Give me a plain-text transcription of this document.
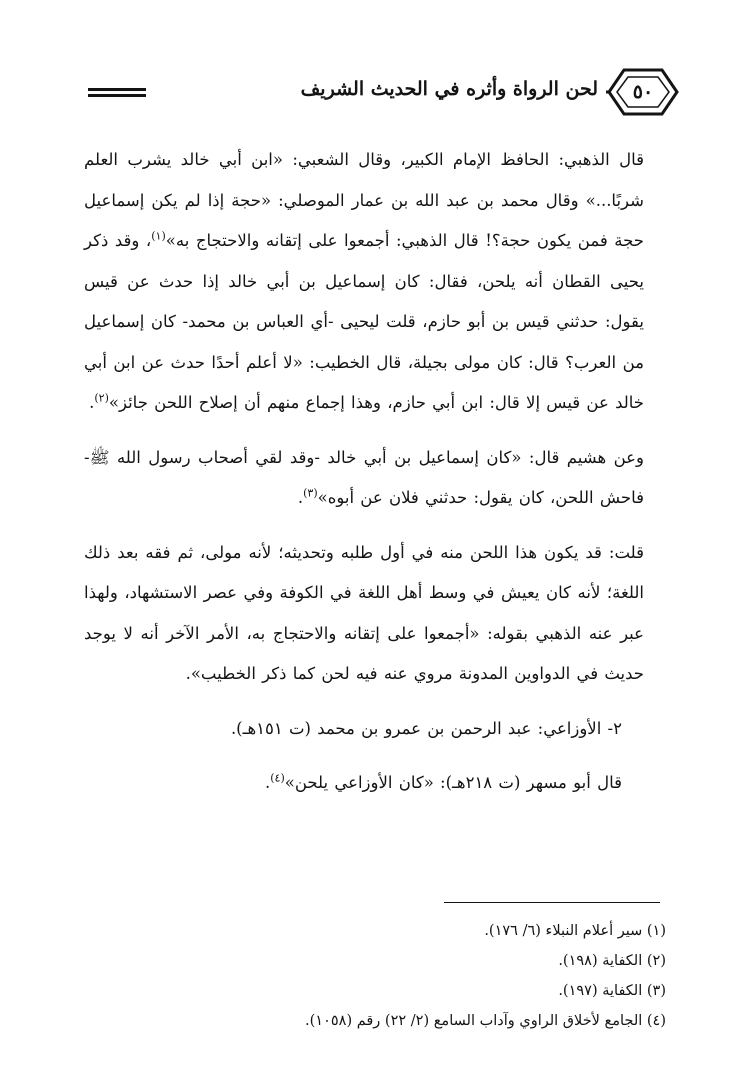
٥٠
لحن الرواة وأثره في الحديث الشريف

قال الذهبي: الحافظ الإمام الكبير، وقال الشعبي: «ابن أبي خالد يشرب العلم شربًا...» وقال محمد بن عبد الله بن عمار الموصلي: «حجة إذا لم يكن إسماعيل حجة فمن يكون حجة؟! قال الذهبي: أجمعوا على إتقانه والاحتجاج به»$^{(١)}$، وقد ذكر يحيى القطان أنه يلحن، فقال: كان إسماعيل بن أبي خالد إذا حدث عن قيس يقول: حدثني قيس بن أبو حازم، قلت ليحيى -أي العباس بن محمد- كان إسماعيل من العرب؟ قال: كان مولى بجيلة، قال الخطيب: «لا أعلم أحدًا حدث عن ابن أبي خالد عن قيس إلا قال: ابن أبي حازم، وهذا إجماع منهم أن إصلاح اللحن جائز»$^{(٢)}$.

وعن هشيم قال: «كان إسماعيل بن أبي خالد -وقد لقي أصحاب رسول الله ﷺ- فاحش اللحن، كان يقول: حدثني فلان عن أبوه»$^{(٣)}$.

قلت: قد يكون هذا اللحن منه في أول طلبه وتحديثه؛ لأنه مولى، ثم فقه بعد ذلك اللغة؛ لأنه كان يعيش في وسط أهل اللغة في الكوفة وفي عصر الاستشهاد، ولهذا عبر عنه الذهبي بقوله: «أجمعوا على إتقانه والاحتجاج به، الأمر الآخر أنه لا يوجد حديث في الدواوين المدونة مروي عنه فيه لحن كما ذكر الخطيب».

٢- الأوزاعي: عبد الرحمن بن عمرو بن محمد (ت ١٥١هـ).

قال أبو مسهر (ت ٢١٨هـ): «كان الأوزاعي يلحن»$^{(٤)}$.

(١) سير أعلام النبلاء (٦/ ١٧٦).

(٢) الكفاية (١٩٨).

(٣) الكفاية (١٩٧).

(٤) الجامع لأخلاق الراوي وآداب السامع (٢/ ٢٢) رقم (١٠٥٨).
